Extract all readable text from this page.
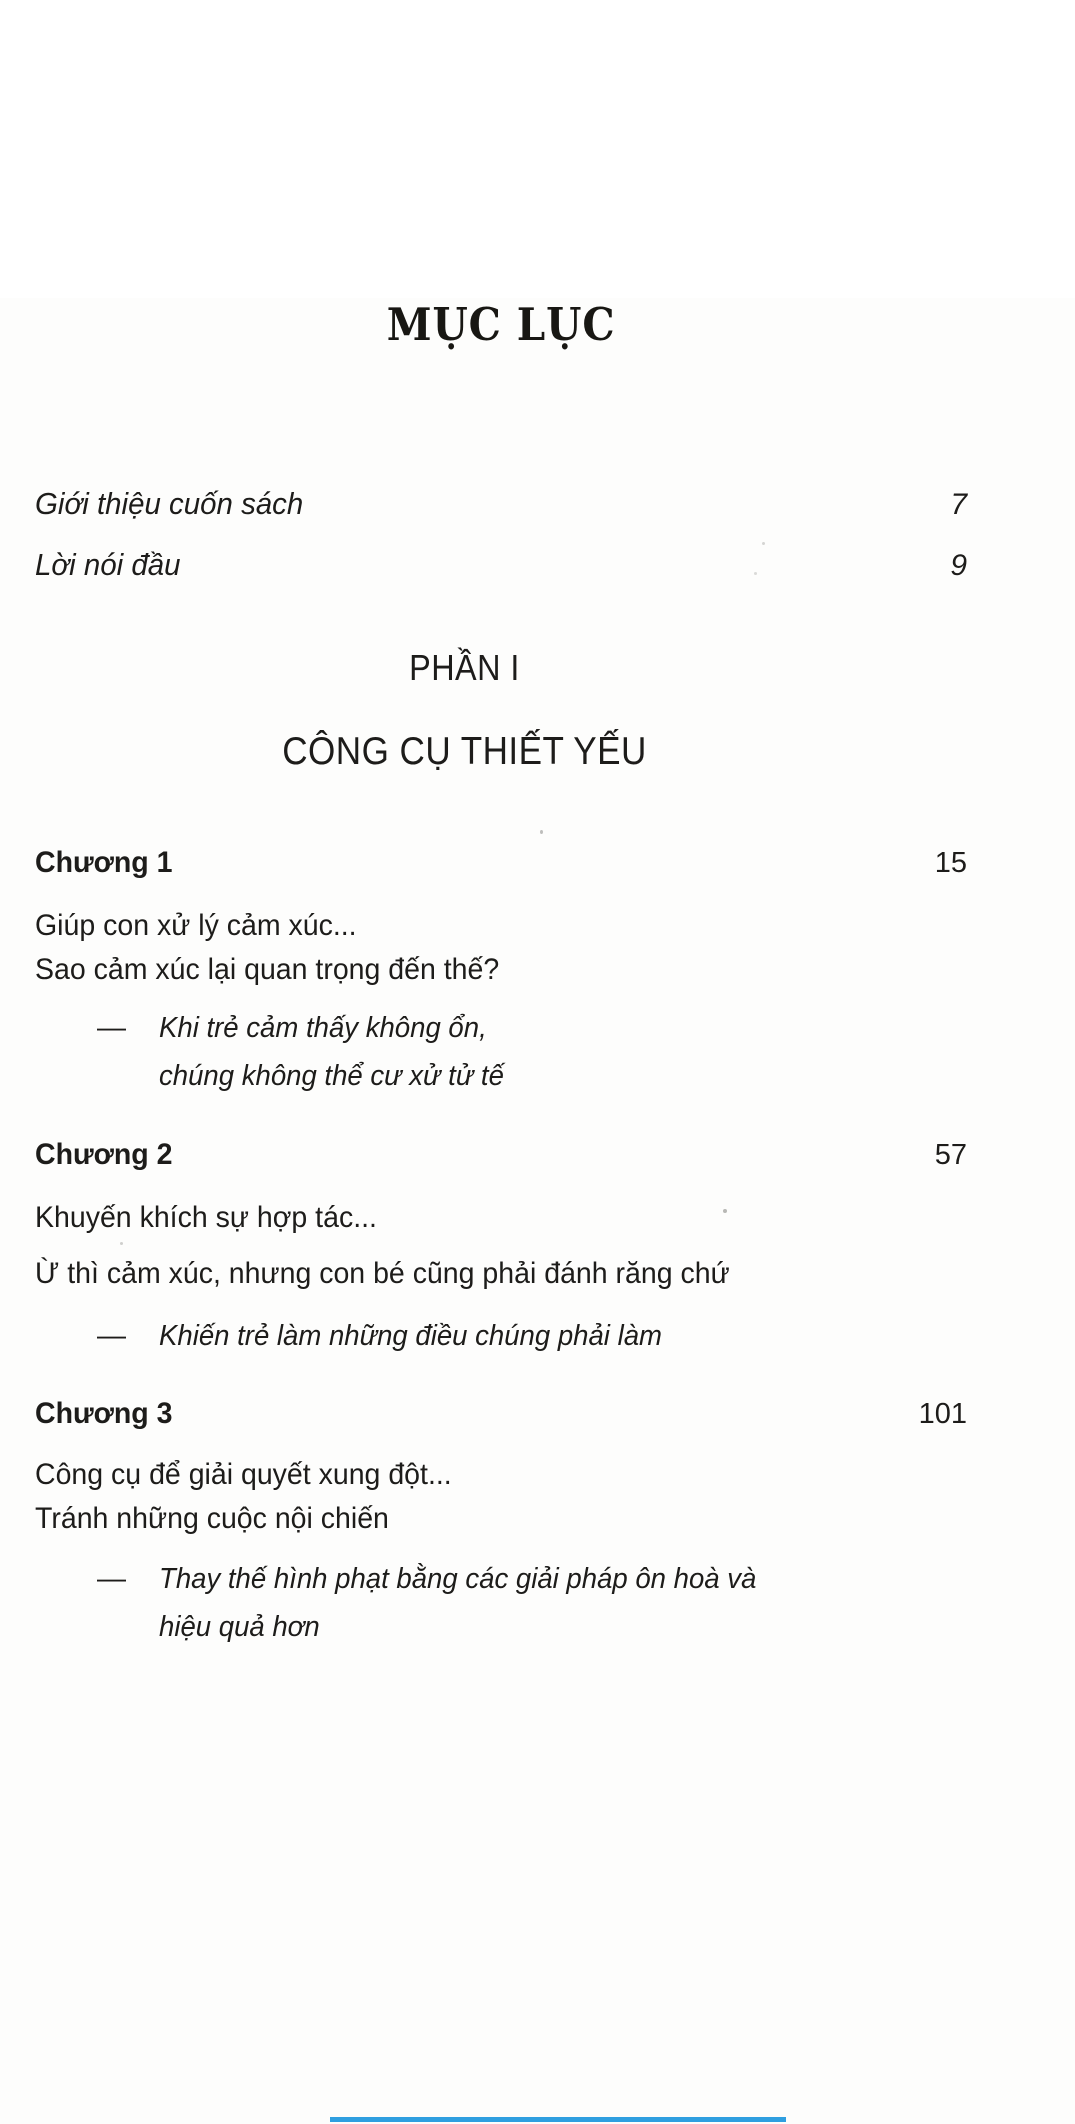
MỤC LỤC
Giới thiệu cuốn sách	7
Lời nói đầu	9
PHẦN I
CÔNG CỤ THIẾT YẾU
Chương 1	15
Giúp con xử lý cảm xúc...
Sao cảm xúc lại quan trọng đến thế?
— Khi trẻ cảm thấy không ổn,
chúng không thể cư xử tử tế
Chương 2	57
Khuyến khích sự hợp tác...
Ừ thì cảm xúc, nhưng con bé cũng phải đánh răng chứ
— Khiến trẻ làm những điều chúng phải làm
Chương 3	101
Công cụ để giải quyết xung đột...
Tránh những cuộc nội chiến
— Thay thế hình phạt bằng các giải pháp ôn hoà và
hiệu quả hơn
